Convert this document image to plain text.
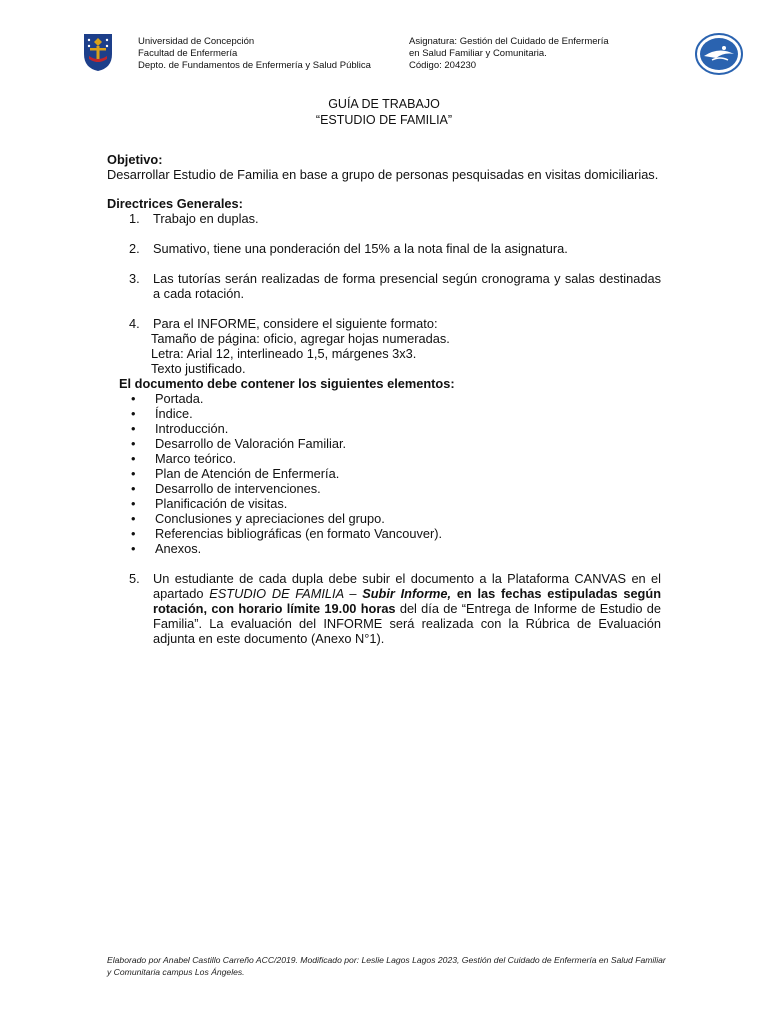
Universidad de Concepción
Facultad de Enfermería
Depto. de Fundamentos de Enfermería y Salud Pública
Asignatura: Gestión del Cuidado de Enfermería
en Salud Familiar y Comunitaria.
Código: 204230
GUÍA DE TRABAJO
“ESTUDIO DE FAMILIA”
Objetivo:
Desarrollar Estudio de Familia en base a grupo de personas pesquisadas en visitas domiciliarias.
Directrices Generales:
1.	Trabajo en duplas.
2.	Sumativo, tiene una ponderación del 15% a la nota final de la asignatura.
3.	Las tutorías serán realizadas de forma presencial según cronograma y salas destinadas a cada rotación.
4.	Para el INFORME, considere el siguiente formato:
Tamaño de página: oficio, agregar hojas numeradas.
Letra: Arial 12, interlineado 1,5, márgenes 3x3.
Texto justificado.
El documento debe contener los siguientes elementos:
•	Portada.
•	Índice.
•	Introducción.
•	Desarrollo de Valoración Familiar.
•	Marco teórico.
•	Plan de Atención de Enfermería.
•	Desarrollo de intervenciones.
•	Planificación de visitas.
•	Conclusiones y apreciaciones del grupo.
•	Referencias bibliográficas (en formato Vancouver).
•	Anexos.
5.	Un estudiante de cada dupla debe subir el documento a la Plataforma CANVAS en el apartado ESTUDIO DE FAMILIA – Subir Informe, en las fechas estipuladas según rotación, con horario límite 19.00 horas del día de “Entrega de Informe de Estudio de Familia”. La evaluación del INFORME será realizada con la Rúbrica de Evaluación adjunta en este documento (Anexo N°1).
Elaborado por Anabel Castillo Carreño ACC/2019. Modificado por: Leslie Lagos Lagos 2023, Gestión del Cuidado de Enfermería en Salud Familiar y Comunitaria campus Los Ángeles.
